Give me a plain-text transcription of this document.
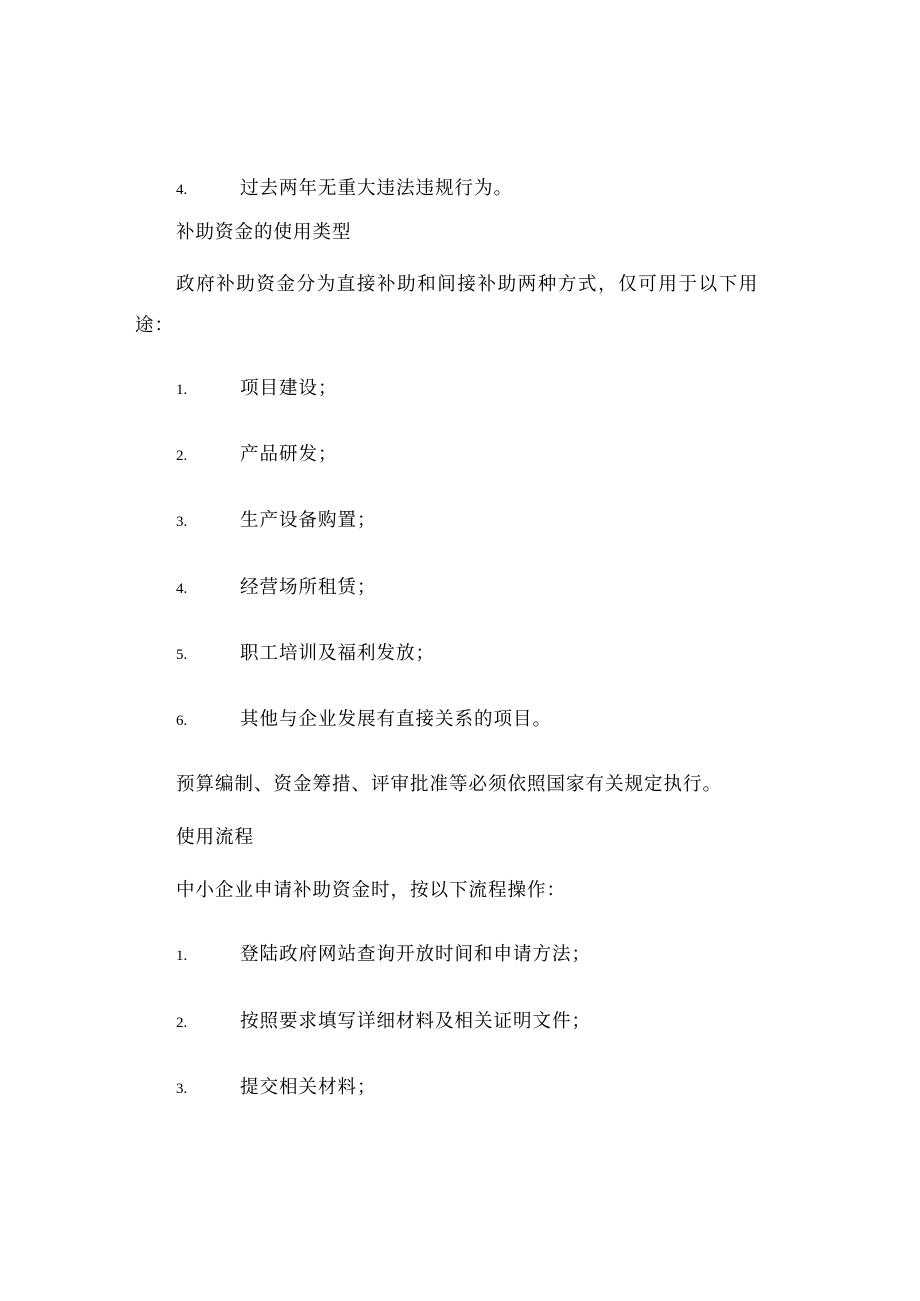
4.	过去两年无重大违法违规行为。
补助资金的使用类型
政府补助资金分为直接补助和间接补助两种方式，仅可用于以下用
途：
1.	项目建设；
2.	产品研发；
3.	生产设备购置；
4.	经营场所租赁；
5.	职工培训及福利发放；
6.	其他与企业发展有直接关系的项目。
预算编制、资金筹措、评审批准等必须依照国家有关规定执行。
使用流程
中小企业申请补助资金时，按以下流程操作：
1.	登陆政府网站查询开放时间和申请方法；
2.	按照要求填写详细材料及相关证明文件；
3.	提交相关材料；
